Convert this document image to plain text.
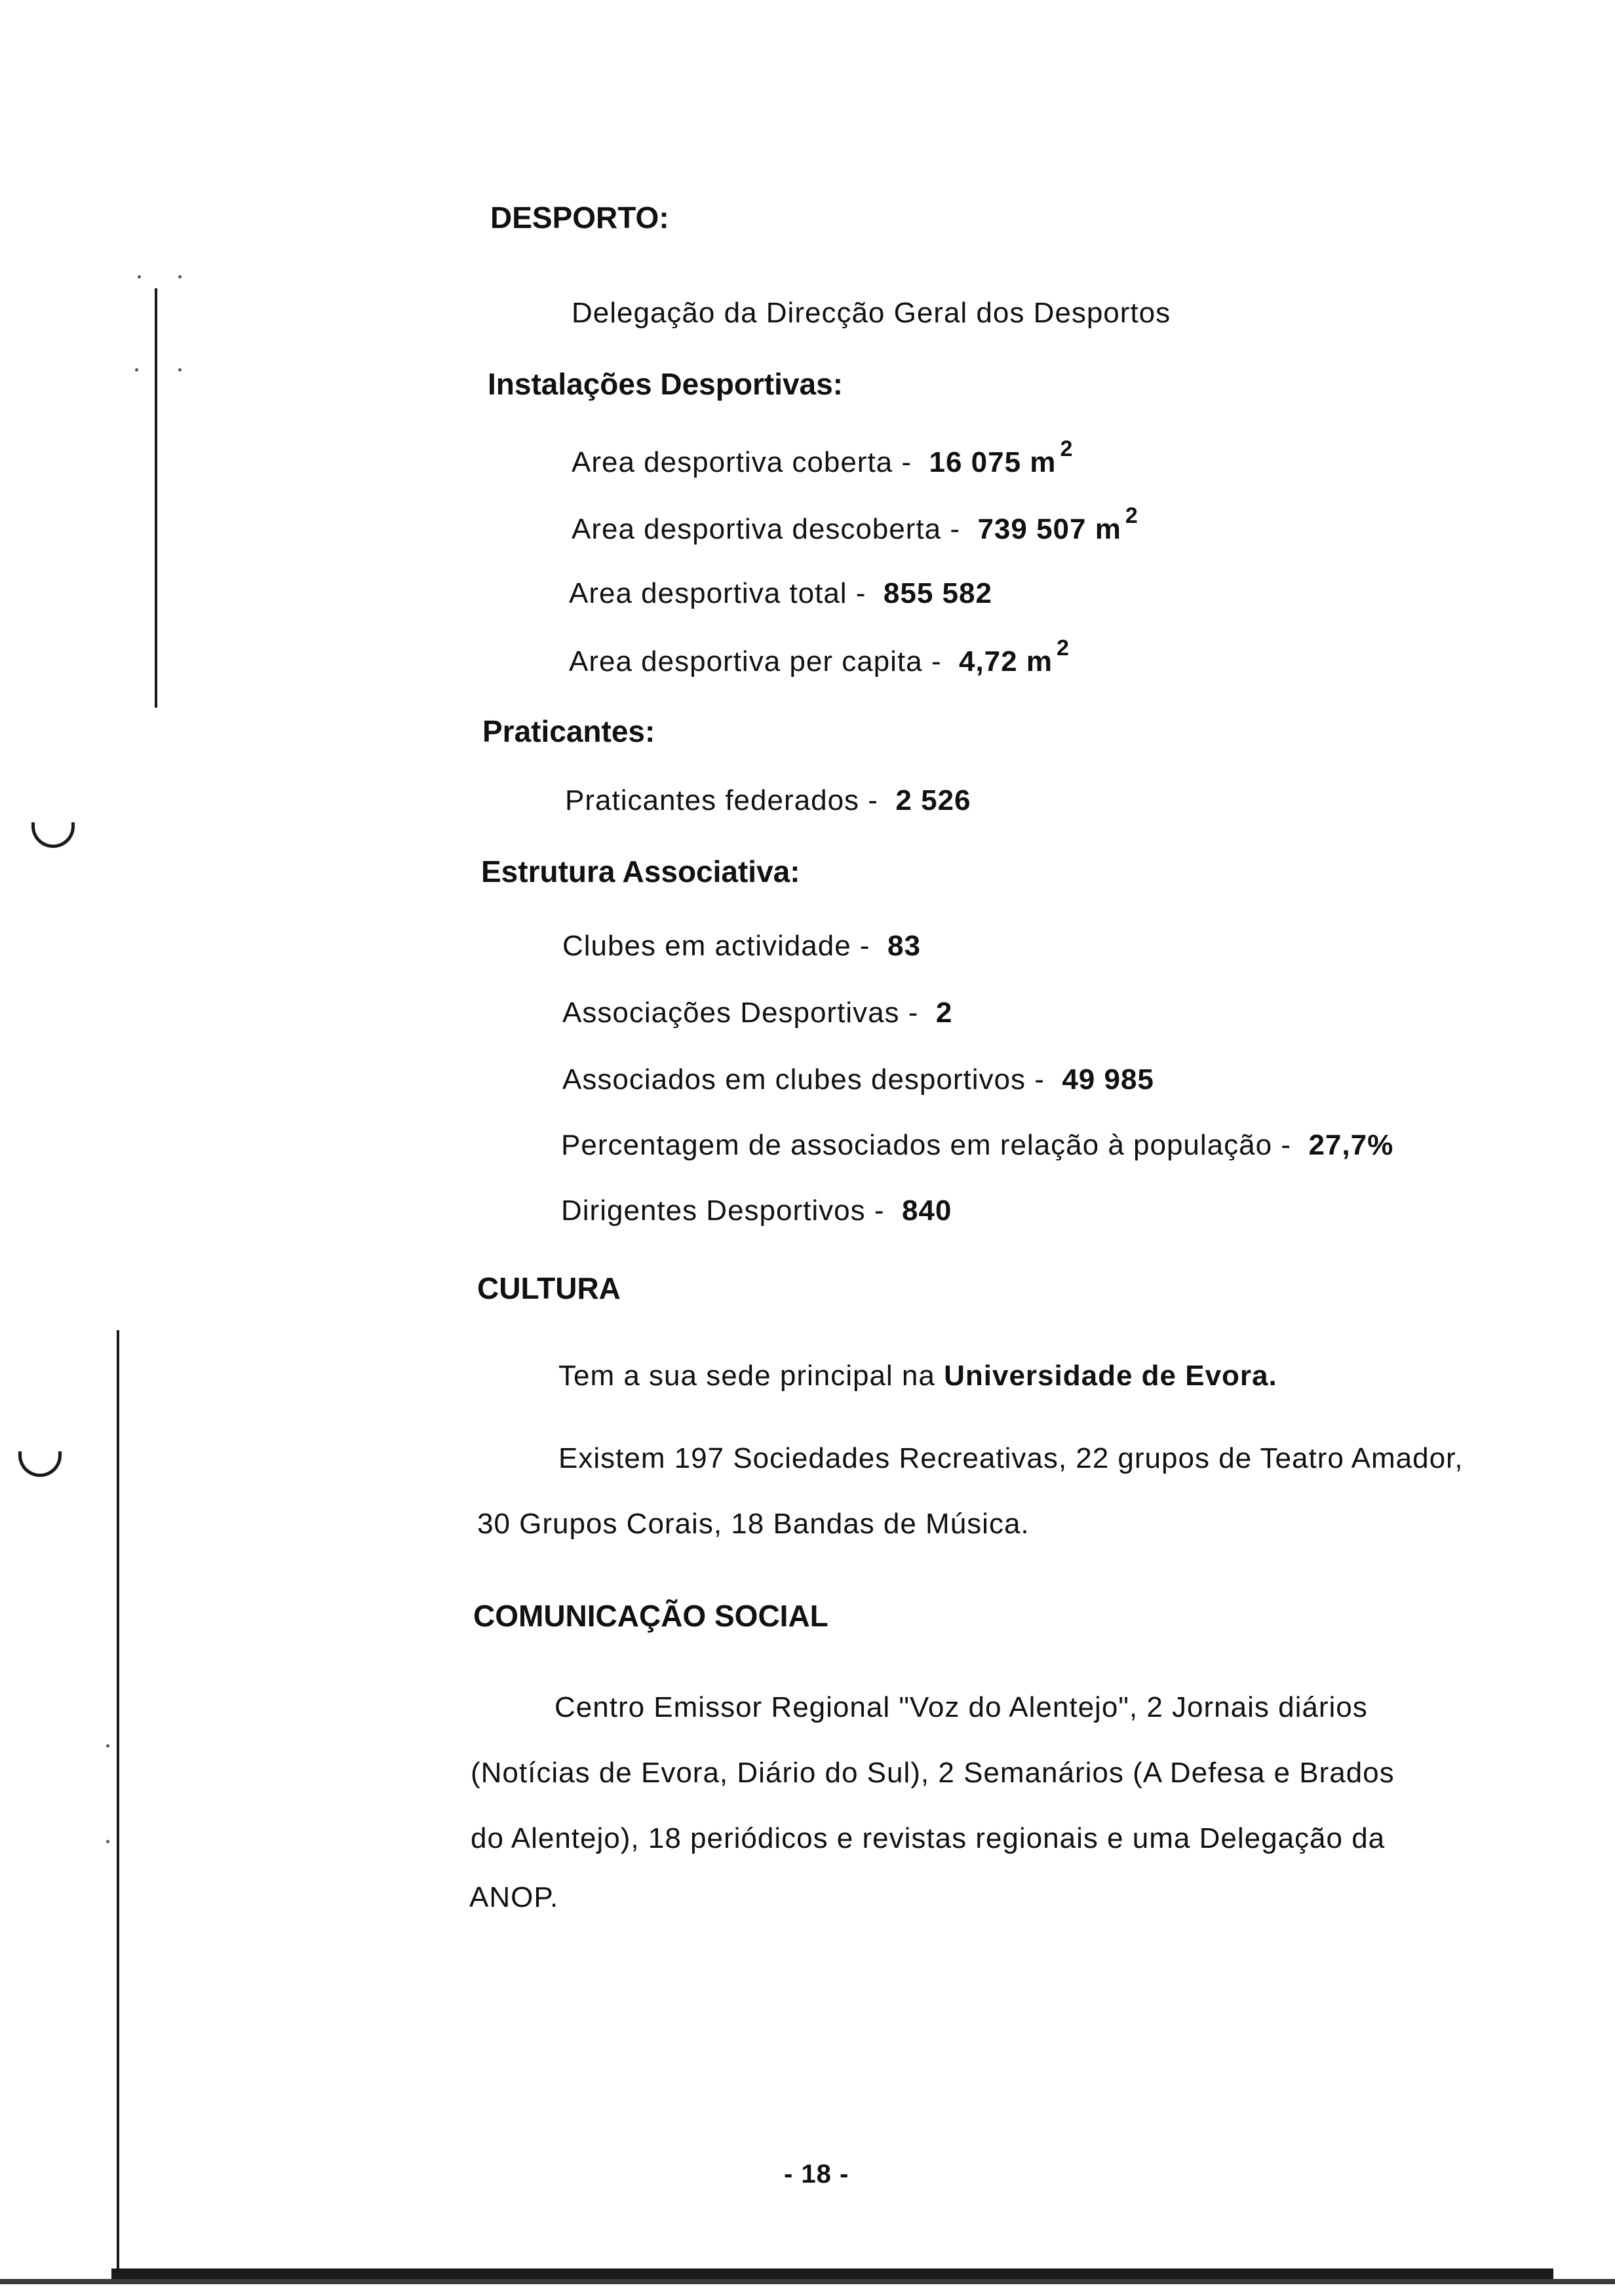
DESPORTO:
Delegação da Direcção Geral dos Desportos
Instalações Desportivas:
Area desportiva coberta - 16 075 m $^2$
Area desportiva descoberta - 739 507 m $^2$
Area desportiva total - 855 582
Area desportiva per capita - 4,72 m $^2$
Praticantes:
Praticantes federados - 2 526
Estrutura Associativa:
Clubes em actividade - 83
Associações Desportivas - 2
Associados em clubes desportivos - 49 985
Percentagem de associados em relação à população - 27,7%
Dirigentes Desportivos - 840
CULTURA
Tem a sua sede principal na Universidade de Evora.
Existem 197 Sociedades Recreativas, 22 grupos de Teatro Amador,
30 Grupos Corais, 18 Bandas de Música.
COMUNICAÇÃO SOCIAL
Centro Emissor Regional "Voz do Alentejo", 2 Jornais diários
(Notícias de Evora, Diário do Sul), 2 Semanários (A Defesa e Brados
do Alentejo), 18 periódicos e revistas regionais e uma Delegação da
ANOP.
- 18 -
